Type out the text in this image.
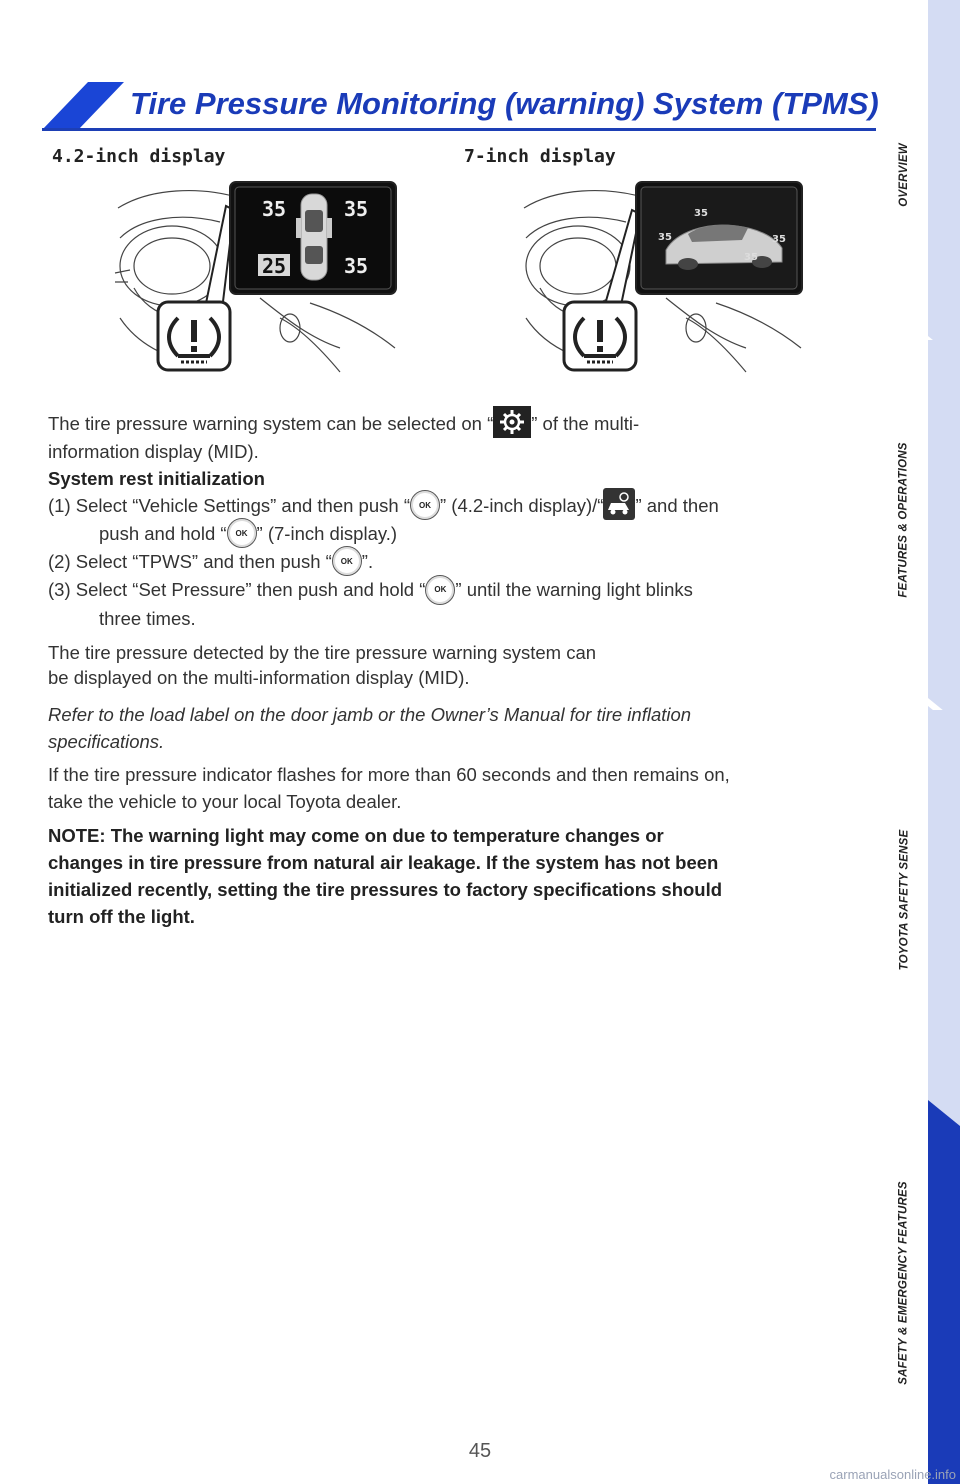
Tire Pressure Monitoring (warning) System (TPMS)
OVERVIEW
FEATURES & OPERATIONS
TOYOTA SAFETY SENSE
SAFETY & EMERGENCY FEATURES
4.2-inch display	7-inch display
35	35
25	35
35
35	35
35
The tire pressure warning system can be selected on “ ” of the multi-
information display (MID).
System rest initialization
(1) Select “Vehicle Settings” and then push “ OK ” (4.2-inch display)/“ ” and then
push and hold “ OK ” (7-inch display.)
(2) Select “TPWS” and then push “ OK ”.
(3) Select “Set Pressure” then push and hold “ OK ” until the warning light blinks
three times.
The tire pressure detected by the tire pressure warning system can
be displayed on the multi-information display (MID).
Refer to the load label on the door jamb or the Owner’s Manual for tire inflation
specifications.
If the tire pressure indicator flashes for more than 60 seconds and then remains on,
take the vehicle to your local Toyota dealer.
NOTE: The warning light may come on due to temperature changes or
changes in tire pressure from natural air leakage. If the system has not been
initialized recently, setting the tire pressures to factory specifications should
turn off the light.
45
carmanualsonline.info
